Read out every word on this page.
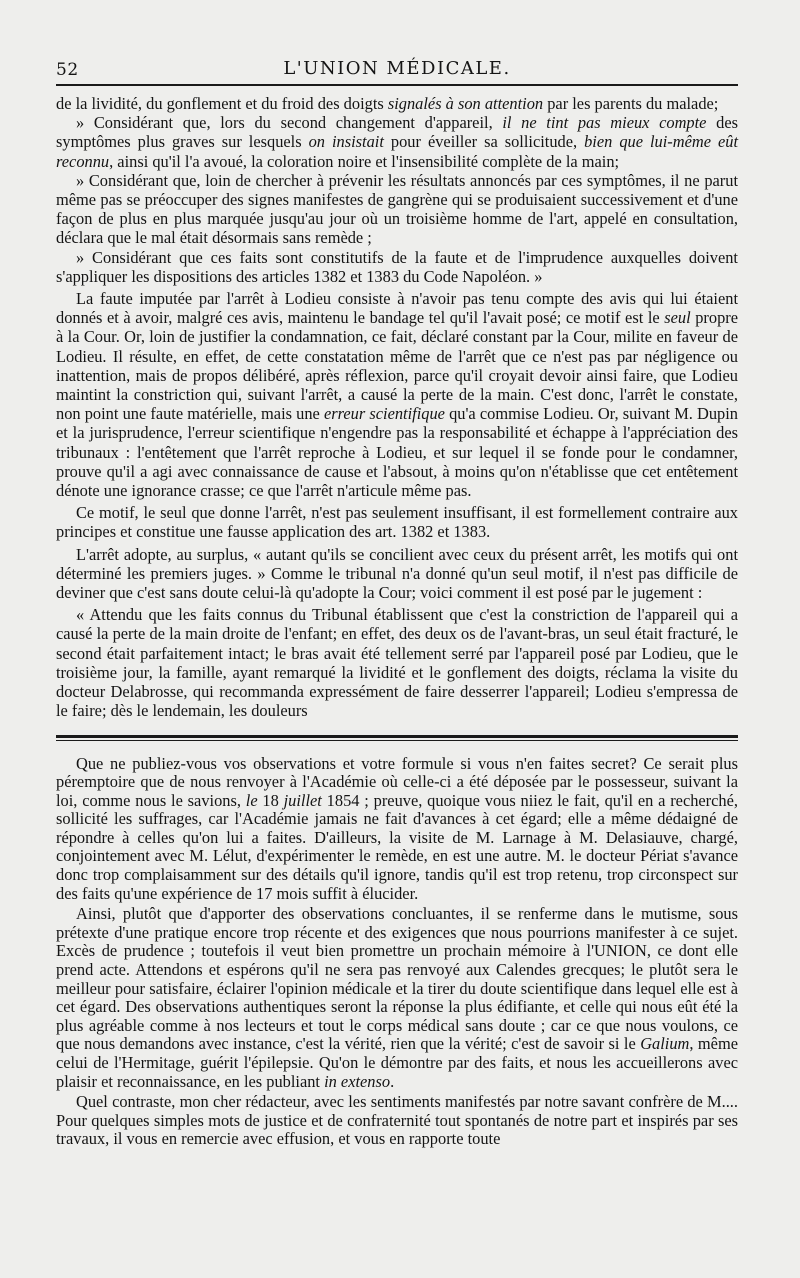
52	L'UNION MÉDICALE.

de la lividité, du gonflement et du froid des doigts signalés à son attention par les parents du malade;

» Considérant que, lors du second changement d'appareil, il ne tint pas mieux compte des symptômes plus graves sur lesquels on insistait pour éveiller sa sollicitude, bien que lui-même eût reconnu, ainsi qu'il l'a avoué, la coloration noire et l'insensibilité complète de la main;

» Considérant que, loin de chercher à prévenir les résultats annoncés par ces symptômes, il ne parut même pas se préoccuper des signes manifestes de gangrène qui se produisaient successivement et d'une façon de plus en plus marquée jusqu'au jour où un troisième homme de l'art, appelé en consultation, déclara que le mal était désormais sans remède ;

» Considérant que ces faits sont constitutifs de la faute et de l'imprudence auxquelles doivent s'appliquer les dispositions des articles 1382 et 1383 du Code Napoléon. »

La faute imputée par l'arrêt à Lodieu consiste à n'avoir pas tenu compte des avis qui lui étaient donnés et à avoir, malgré ces avis, maintenu le bandage tel qu'il l'avait posé; ce motif est le seul propre à la Cour. Or, loin de justifier la condamnation, ce fait, déclaré constant par la Cour, milite en faveur de Lodieu. Il résulte, en effet, de cette constatation même de l'arrêt que ce n'est pas par négligence ou inattention, mais de propos délibéré, après réflexion, parce qu'il croyait devoir ainsi faire, que Lodieu maintint la constriction qui, suivant l'arrêt, a causé la perte de la main. C'est donc, l'arrêt le constate, non point une faute matérielle, mais une erreur scientifique qu'a commise Lodieu. Or, suivant M. Dupin et la jurisprudence, l'erreur scientifique n'engendre pas la responsabilité et échappe à l'appréciation des tribunaux : l'entêtement que l'arrêt reproche à Lodieu, et sur lequel il se fonde pour le condamner, prouve qu'il a agi avec connaissance de cause et l'absout, à moins qu'on n'établisse que cet entêtement dénote une ignorance crasse; ce que l'arrêt n'articule même pas.

Ce motif, le seul que donne l'arrêt, n'est pas seulement insuffisant, il est formellement contraire aux principes et constitue une fausse application des art. 1382 et 1383.

L'arrêt adopte, au surplus, « autant qu'ils se concilient avec ceux du présent arrêt, les motifs qui ont déterminé les premiers juges. » Comme le tribunal n'a donné qu'un seul motif, il n'est pas difficile de deviner que c'est sans doute celui-là qu'adopte la Cour; voici comment il est posé par le jugement :

« Attendu que les faits connus du Tribunal établissent que c'est la constriction de l'appareil qui a causé la perte de la main droite de l'enfant; en effet, des deux os de l'avant-bras, un seul était fracturé, le second était parfaitement intact; le bras avait été tellement serré par l'appareil posé par Lodieu, que le troisième jour, la famille, ayant remarqué la lividité et le gonflement des doigts, réclama la visite du docteur Delabrosse, qui recommanda expressément de faire desserrer l'appareil; Lodieu s'empressa de le faire; dès le lendemain, les douleurs

Que ne publiez-vous vos observations et votre formule si vous n'en faites secret? Ce serait plus péremptoire que de nous renvoyer à l'Académie où celle-ci a été déposée par le possesseur, suivant la loi, comme nous le savions, le 18 juillet 1854 ; preuve, quoique vous niiez le fait, qu'il en a recherché, sollicité les suffrages, car l'Académie jamais ne fait d'avances à cet égard; elle a même dédaigné de répondre à celles qu'on lui a faites. D'ailleurs, la visite de M. Larnage à M. Delasiauve, chargé, conjointement avec M. Lélut, d'expérimenter le remède, en est une autre. M. le docteur Périat s'avance donc trop complaisamment sur des détails qu'il ignore, tandis qu'il est trop retenu, trop circonspect sur des faits qu'une expérience de 17 mois suffit à élucider.

Ainsi, plutôt que d'apporter des observations concluantes, il se renferme dans le mutisme, sous prétexte d'une pratique encore trop récente et des exigences que nous pourrions manifester à ce sujet. Excès de prudence ; toutefois il veut bien promettre un prochain mémoire à l'UNION, ce dont elle prend acte. Attendons et espérons qu'il ne sera pas renvoyé aux Calendes grecques; le plutôt sera le meilleur pour satisfaire, éclairer l'opinion médicale et la tirer du doute scientifique dans lequel elle est à cet égard. Des observations authentiques seront la réponse la plus édifiante, et celle qui nous eût été la plus agréable comme à nos lecteurs et tout le corps médical sans doute ; car ce que nous voulons, ce que nous demandons avec instance, c'est la vérité, rien que la vérité; c'est de savoir si le Galium, même celui de l'Hermitage, guérit l'épilepsie. Qu'on le démontre par des faits, et nous les accueillerons avec plaisir et reconnaissance, en les publiant in extenso.

Quel contraste, mon cher rédacteur, avec les sentiments manifestés par notre savant confrère de M.... Pour quelques simples mots de justice et de confraternité tout spontanés de notre part et inspirés par ses travaux, il vous en remercie avec effusion, et vous en rapporte toute
